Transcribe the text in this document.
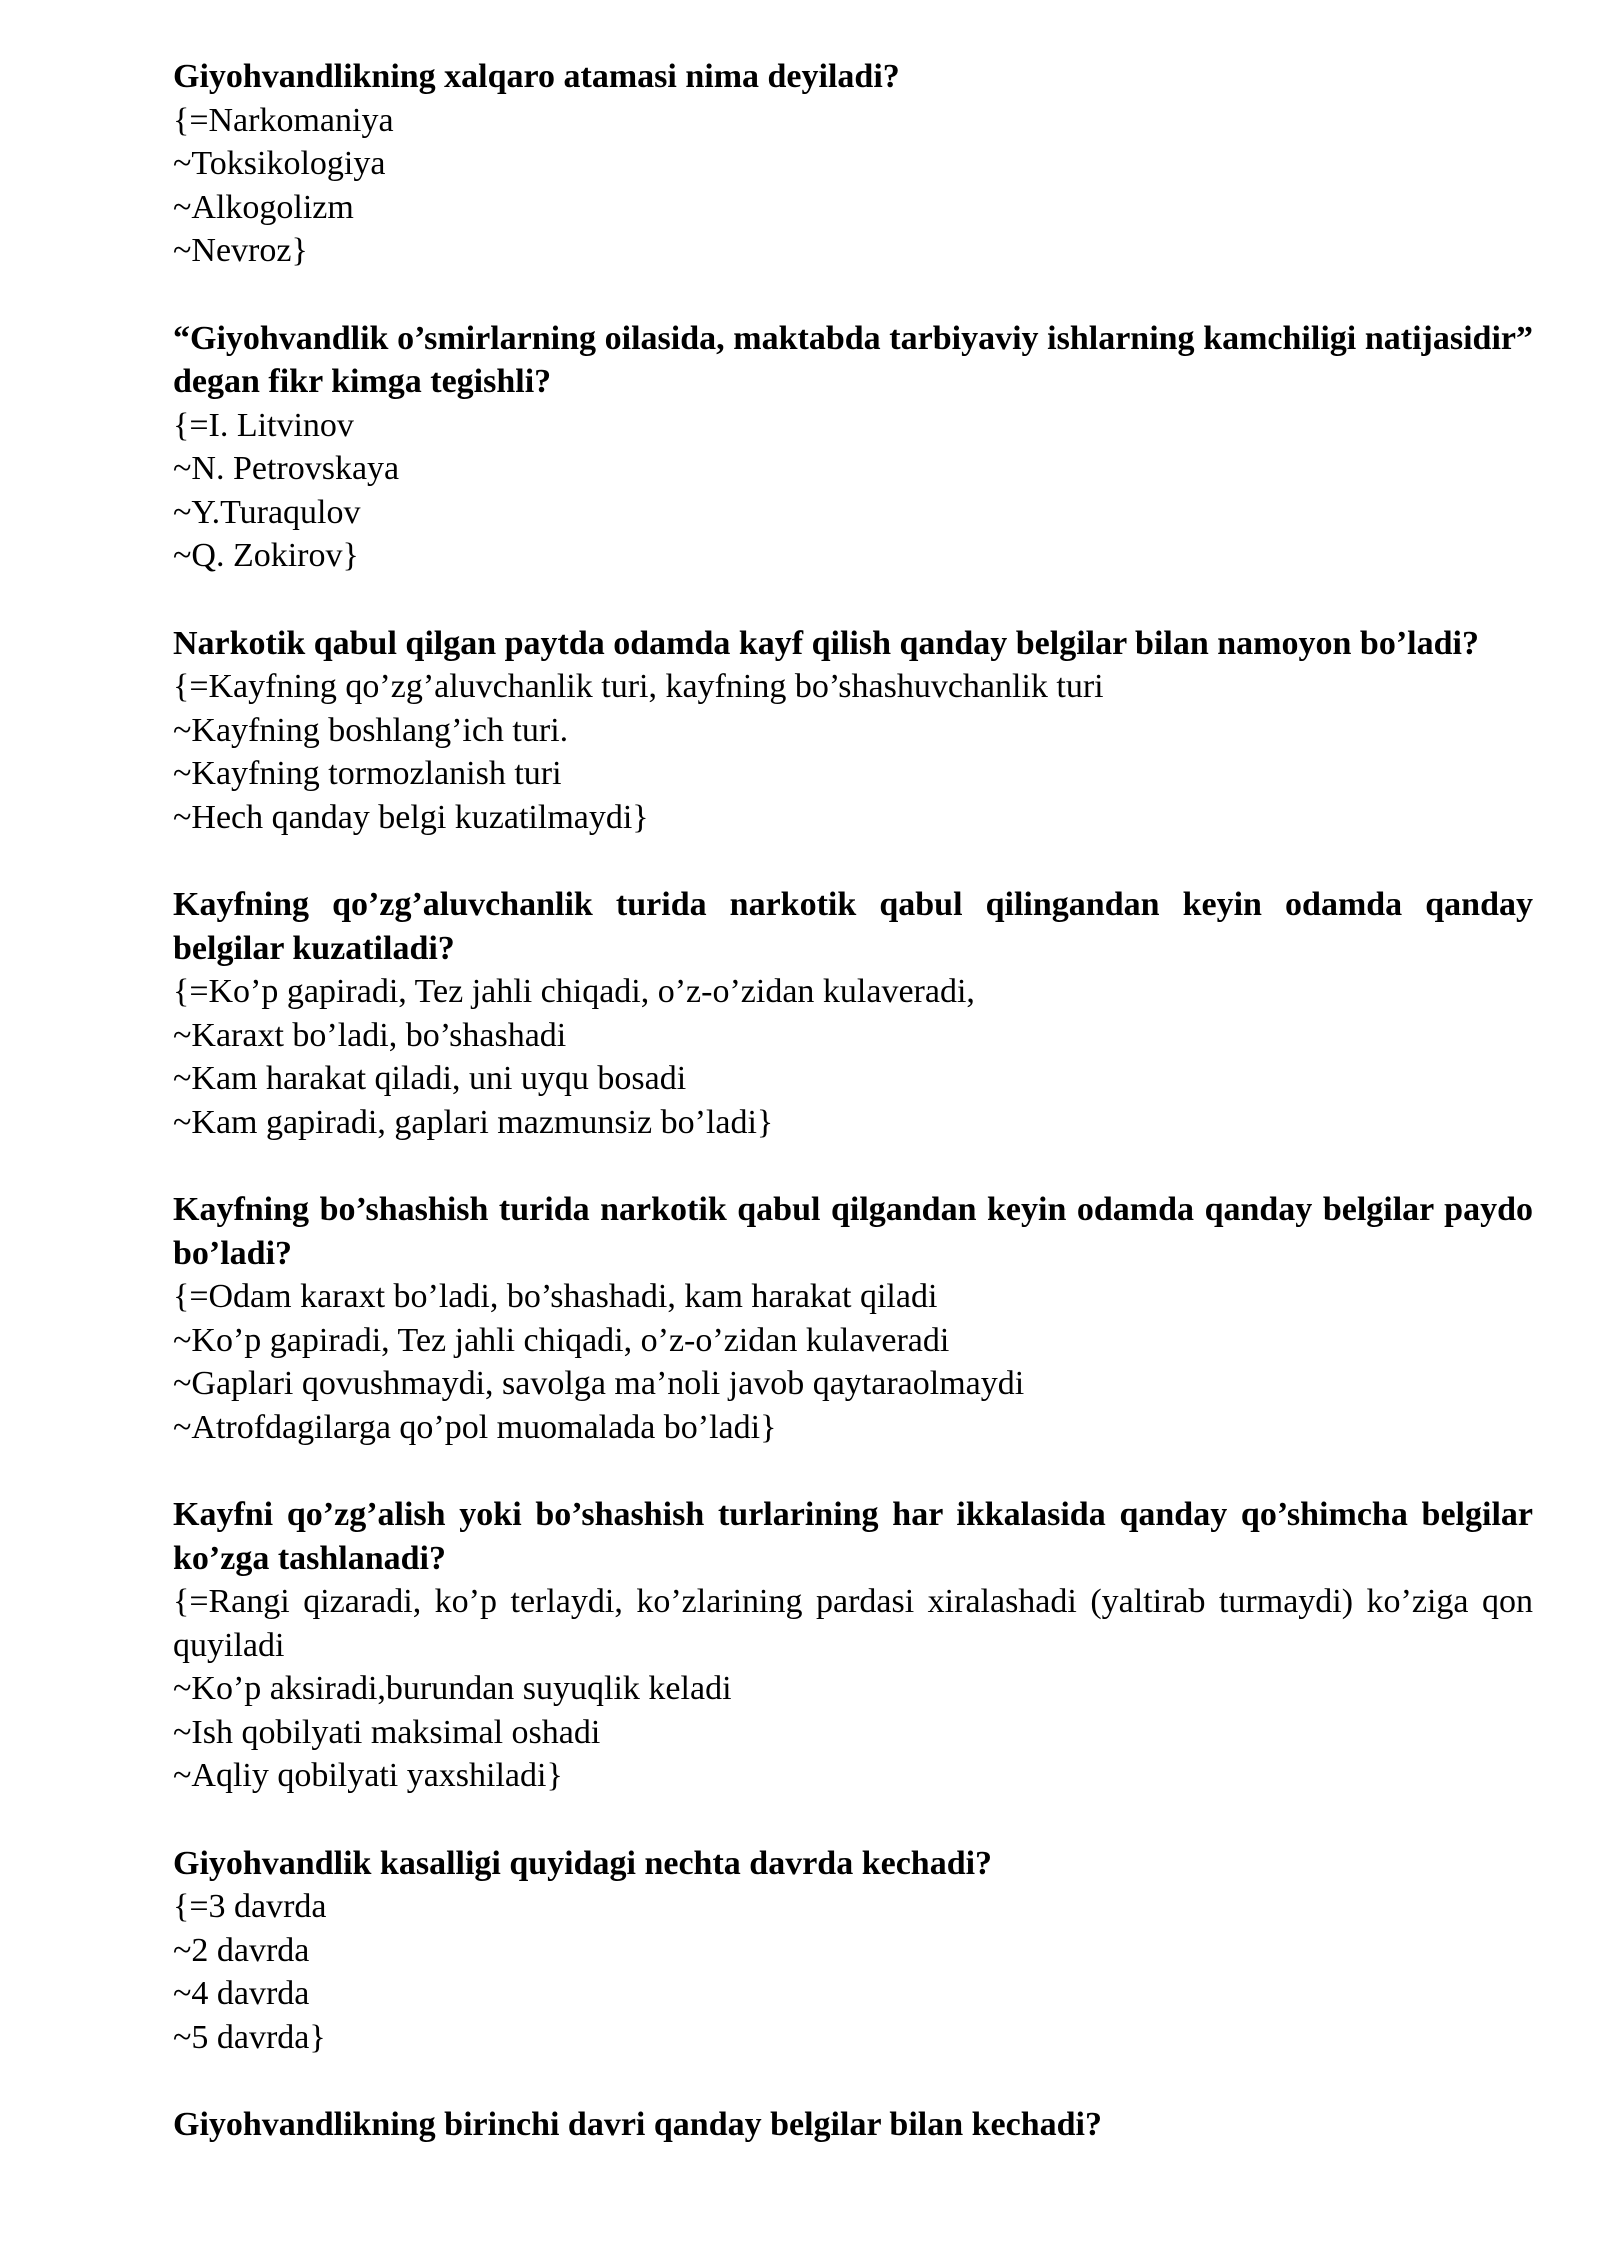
Giyohvandlikning xalqaro atamasi nima deyiladi?
{=Narkomaniya
~Toksikologiya
~Alkogolizm
~Nevroz}
“Giyohvandlik o’smirlarning oilasida, maktabda tarbiyaviy ishlarning kamchiligi natijasidir” degan fikr kimga tegishli?
{=I. Litvinov
~N. Petrovskaya
~Y.Turaqulov
~Q. Zokirov}
Narkotik qabul qilgan paytda odamda kayf qilish qanday belgilar bilan namoyon bo’ladi?
{=Kayfning qo’zg’aluvchanlik turi, kayfning bo’shashuvchanlik turi
~Kayfning boshlang’ich turi.
~Kayfning tormozlanish turi
~Hech qanday belgi kuzatilmaydi}
Kayfning qo’zg’aluvchanlik turida narkotik qabul qilingandan keyin odamda qanday belgilar kuzatiladi?
{=Ko’p gapiradi, Tez jahli chiqadi, o’z-o’zidan kulaveradi,
~Karaxt bo’ladi, bo’shashadi
~Kam harakat qiladi, uni uyqu bosadi
~Kam gapiradi, gaplari mazmunsiz bo’ladi}
Kayfning bo’shashish turida narkotik qabul qilgandan keyin odamda qanday belgilar paydo bo’ladi?
{=Odam karaxt bo’ladi, bo’shashadi, kam harakat qiladi
~Ko’p gapiradi, Tez jahli chiqadi, o’z-o’zidan kulaveradi
~Gaplari qovushmaydi, savolga ma’noli javob qaytaraolmaydi
~Atrofdagilarga qo’pol muomalada bo’ladi}
Kayfni qo’zg’alish yoki bo’shashish turlarining har ikkalasida qanday qo’shimcha belgilar ko’zga tashlanadi?
{=Rangi qizaradi, ko’p terlaydi, ko’zlarining pardasi xiralashadi (yaltirab turmaydi) ko’ziga qon quyiladi
~Ko’p aksiradi,burundan suyuqlik keladi
~Ish qobilyati maksimal oshadi
~Aqliy qobilyati yaxshiladi}
Giyohvandlik kasalligi quyidagi nechta davrda kechadi?
{=3 davrda
~2 davrda
~4 davrda
~5 davrda}
Giyohvandlikning birinchi davri qanday belgilar bilan kechadi?
